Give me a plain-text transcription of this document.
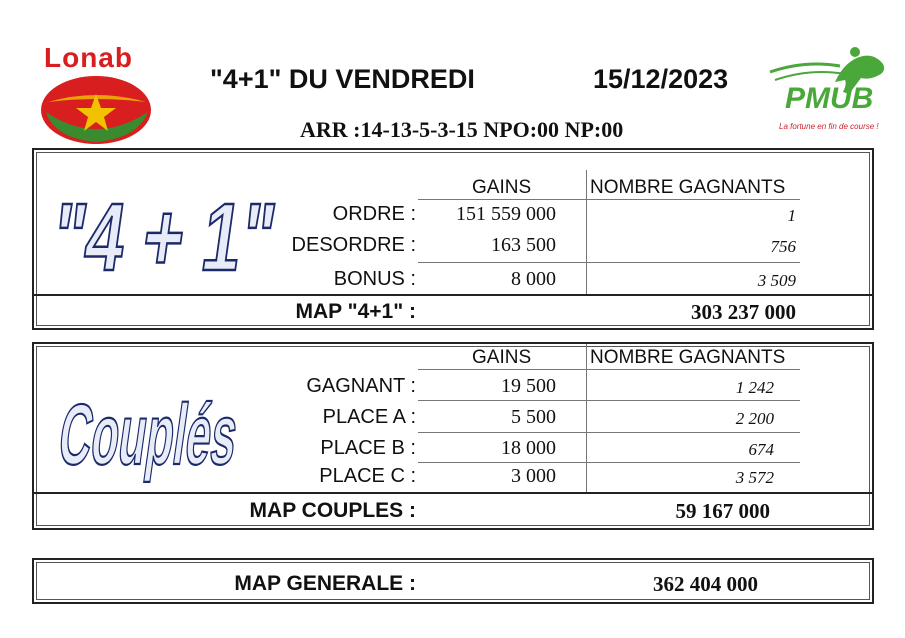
Lonab
PMUB
La fortune en fin de course !
"4+1" DU VENDREDI	15/12/2023
ARR :14-13-5-3-15 NPO:00 NP:00
"4 + 1"	GAINS	NOMBRE GAGNANTS
ORDRE :	151 559 000	1
DESORDRE :	163 500	756
BONUS :	8 000	3 509
MAP "4+1" :	303 237 000
Couplés
GAINS	NOMBRE GAGNANTS
GAGNANT :	19 500	1 242
PLACE A :	5 500	2 200
PLACE B :	18 000	674
PLACE C :	3 000	3 572
MAP COUPLES :	59 167 000
MAP GENERALE :	362 404 000
